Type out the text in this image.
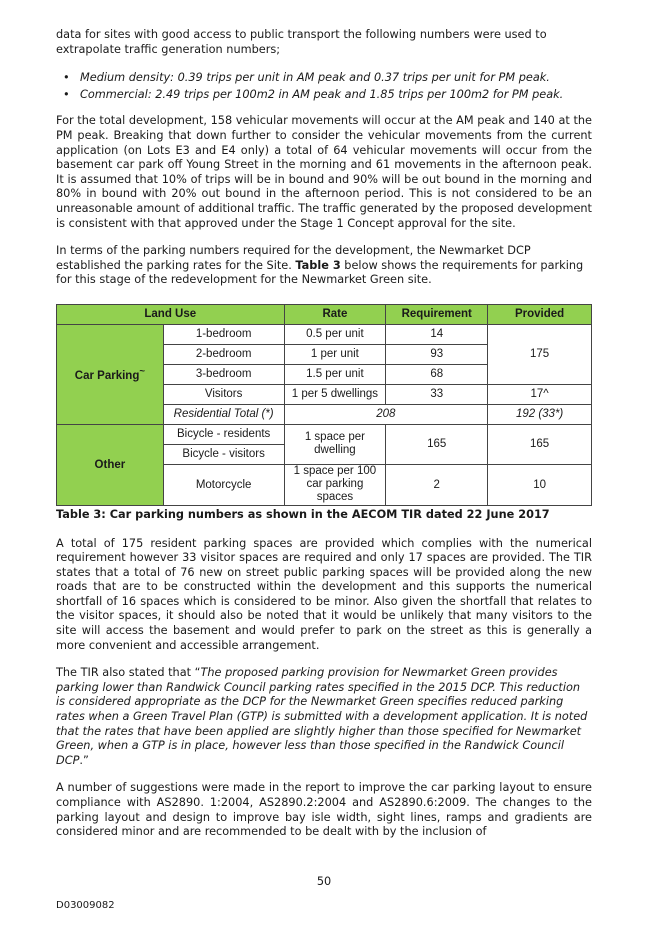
data for sites with good access to public transport the following numbers were used to extrapolate traffic generation numbers;

• Medium density: 0.39 trips per unit in AM peak and 0.37 trips per unit for PM peak.
• Commercial: 2.49 trips per 100m2 in AM peak and 1.85 trips per 100m2 for PM peak.

For the total development, 158 vehicular movements will occur at the AM peak and 140 at the PM peak. Breaking that down further to consider the vehicular movements from the current application (on Lots E3 and E4 only) a total of 64 vehicular movements will occur from the basement car park off Young Street in the morning and 61 movements in the afternoon peak. It is assumed that 10% of trips will be in bound and 90% will be out bound in the morning and 80% in bound with 20% out bound in the afternoon period. This is not considered to be an unreasonable amount of additional traffic. The traffic generated by the proposed development is consistent with that approved under the Stage 1 Concept approval for the site.

In terms of the parking numbers required for the development, the Newmarket DCP established the parking rates for the Site. Table 3 below shows the requirements for parking for this stage of the redevelopment for the Newmarket Green site.

Land Use		Rate	Requirement	Provided
Car Parking~	1-bedroom	0.5 per unit	14	175
	2-bedroom	1 per unit	93	
	3-bedroom	1.5 per unit	68	
	Visitors	1 per 5 dwellings	33	17^
	Residential Total (*)	208		192 (33*)
Other	Bicycle - residents	1 space per dwelling	165	165
	Bicycle - visitors			
	Motorcycle	1 space per 100 car parking spaces	2	10
Table 3: Car parking numbers as shown in the AECOM TIR dated 22 June 2017

A total of 175 resident parking spaces are provided which complies with the numerical requirement however 33 visitor spaces are required and only 17 spaces are provided. The TIR states that a total of 76 new on street public parking spaces will be provided along the new roads that are to be constructed within the development and this supports the numerical shortfall of 16 spaces which is considered to be minor. Also given the shortfall that relates to the visitor spaces, it should also be noted that it would be unlikely that many visitors to the site will access the basement and would prefer to park on the street as this is generally a more convenient and accessible arrangement.

The TIR also stated that “The proposed parking provision for Newmarket Green provides parking lower than Randwick Council parking rates specified in the 2015 DCP. This reduction is considered appropriate as the DCP for the Newmarket Green specifies reduced parking rates when a Green Travel Plan (GTP) is submitted with a development application. It is noted that the rates that have been applied are slightly higher than those specified for Newmarket Green, when a GTP is in place, however less than those specified in the Randwick Council DCP.”

A number of suggestions were made in the report to improve the car parking layout to ensure compliance with AS2890. 1:2004, AS2890.2:2004 and AS2890.6:2009. The changes to the parking layout and design to improve bay isle width, sight lines, ramps and gradients are considered minor and are recommended to be dealt with by the inclusion of

50
D03009082
